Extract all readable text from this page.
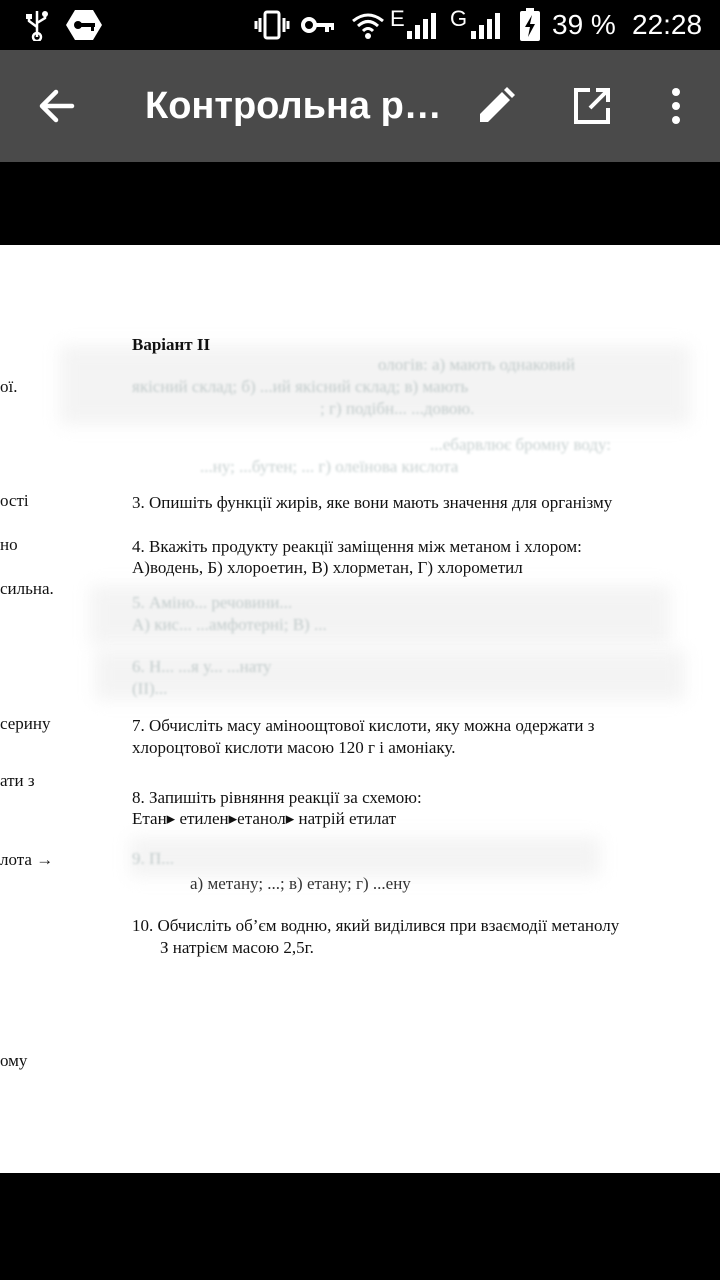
E G	39 % 22:28
Контрольна р…
ої.
ості
но
сильна.
серину
ати з
лота →
ому
Варіант II
ологів: а) мають однаковий
якісний склад; б) ...ий якісний склад; в) мають
; г) подібн... ...довою.
...ебарвлює бромну воду:
...ну; ...бутен; ... г) олеїнова кислота
5. Аміно... речовини...
А) кис... ...амфотерні; В) ...
6. Н... ...я у... ...нату
(ІІ)...
9. П...
3. Опишіть функції жирів, яке вони мають значення для організму
4. Вкажіть продукту реакції заміщення між метаном і хлором:
А)водень, Б) хлороетин, В) хлорметан, Г) хлорометил
7. Обчисліть масу аміноощтової кислоти, яку можна одержати з
хлороцтової кислоти масою 120 г і амоніаку.
8. Запишіть рівняння реакції за схемою:
Етан▸ етилен▸етанол▸ натрій етилат
а) метану; ...; в) етану; г) ...ену
10. Обчисліть об’єм водню, який виділився при взаємодії метанолу
З натрієм масою 2,5г.
